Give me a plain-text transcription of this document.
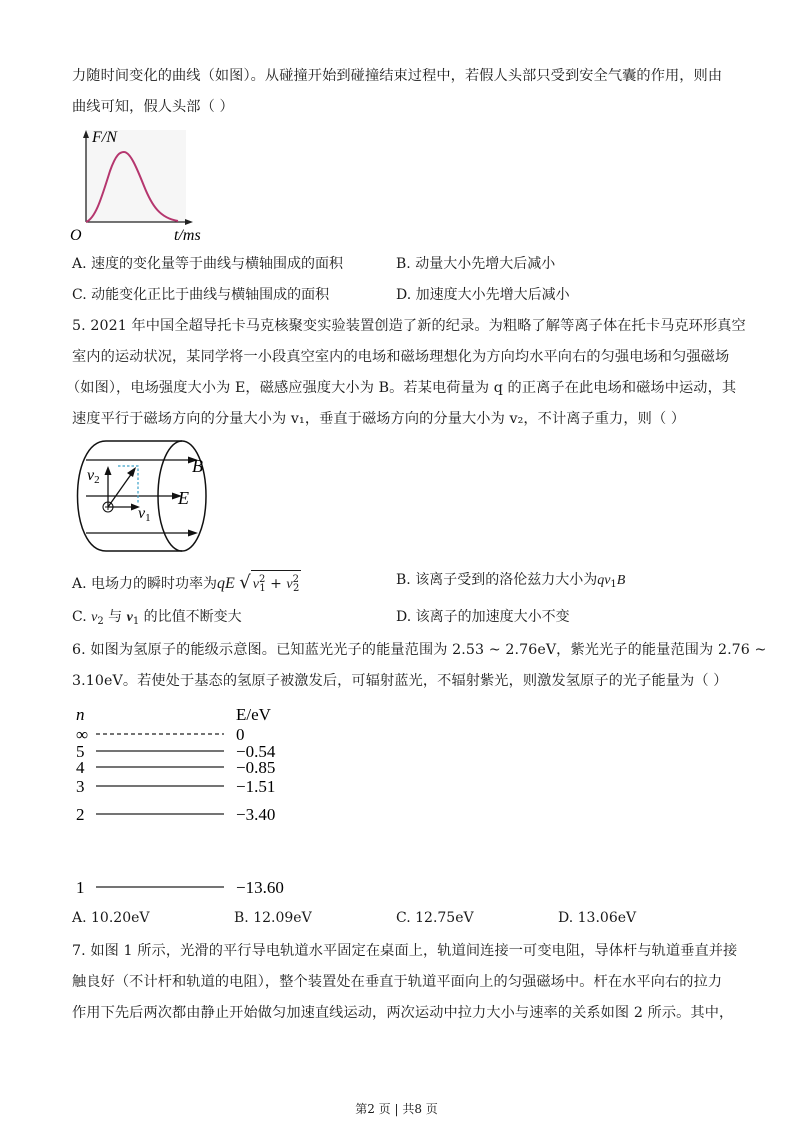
力随时间变化的曲线（如图）。从碰撞开始到碰撞结束过程中，若假人头部只受到安全气囊的作用，则由
曲线可知，假人头部（ ）
F/N
O	t/ms
A. 速度的变化量等于曲线与横轴围成的面积	B. 动量大小先增大后减小
C. 动能变化正比于曲线与横轴围成的面积	D. 加速度大小先增大后减小
5. 2021 年中国全超导托卡马克核聚变实验装置创造了新的纪录。为粗略了解等离子体在托卡马克环形真空
室内的运动状况，某同学将一小段真空室内的电场和磁场理想化为方向均水平向右的匀强电场和匀强磁场
（如图），电场强度大小为 E，磁感应强度大小为 B。若某电荷量为 q 的正离子在此电场和磁场中运动，其
速度平行于磁场方向的分量大小为 v₁，垂直于磁场方向的分量大小为 v₂，不计离子重力，则（ ）
B
E
v2
v1
A. 电场力的瞬时功率为qE √ $v^2_1 + v^2_2$
B. 该离子受到的洛伦兹力大小为$qv_1B$
C. $v_2$ 与 $v_1$ 的比值不断变大	D. 该离子的加速度大小不变
6. 如图为氢原子的能级示意图。已知蓝光光子的能量范围为 2.53 ~ 2.76eV，紫光光子的能量范围为 2.76 ~
3.10eV。若使处于基态的氢原子被激发后，可辐射蓝光，不辐射紫光，则激发氢原子的光子能量为（ ）
n	E/eV
∞	0
5	−0.54
4	−0.85
3	−1.51
2	−3.40
1	−13.60
A. 10.20eV	B. 12.09eV	C. 12.75eV	D. 13.06eV
7. 如图 1 所示，光滑的平行导电轨道水平固定在桌面上，轨道间连接一可变电阻，导体杆与轨道垂直并接
触良好（不计杆和轨道的电阻），整个装置处在垂直于轨道平面向上的匀强磁场中。杆在水平向右的拉力
作用下先后两次都由静止开始做匀加速直线运动，两次运动中拉力大小与速率的关系如图 2 所示。其中，
第2 页 | 共8 页
